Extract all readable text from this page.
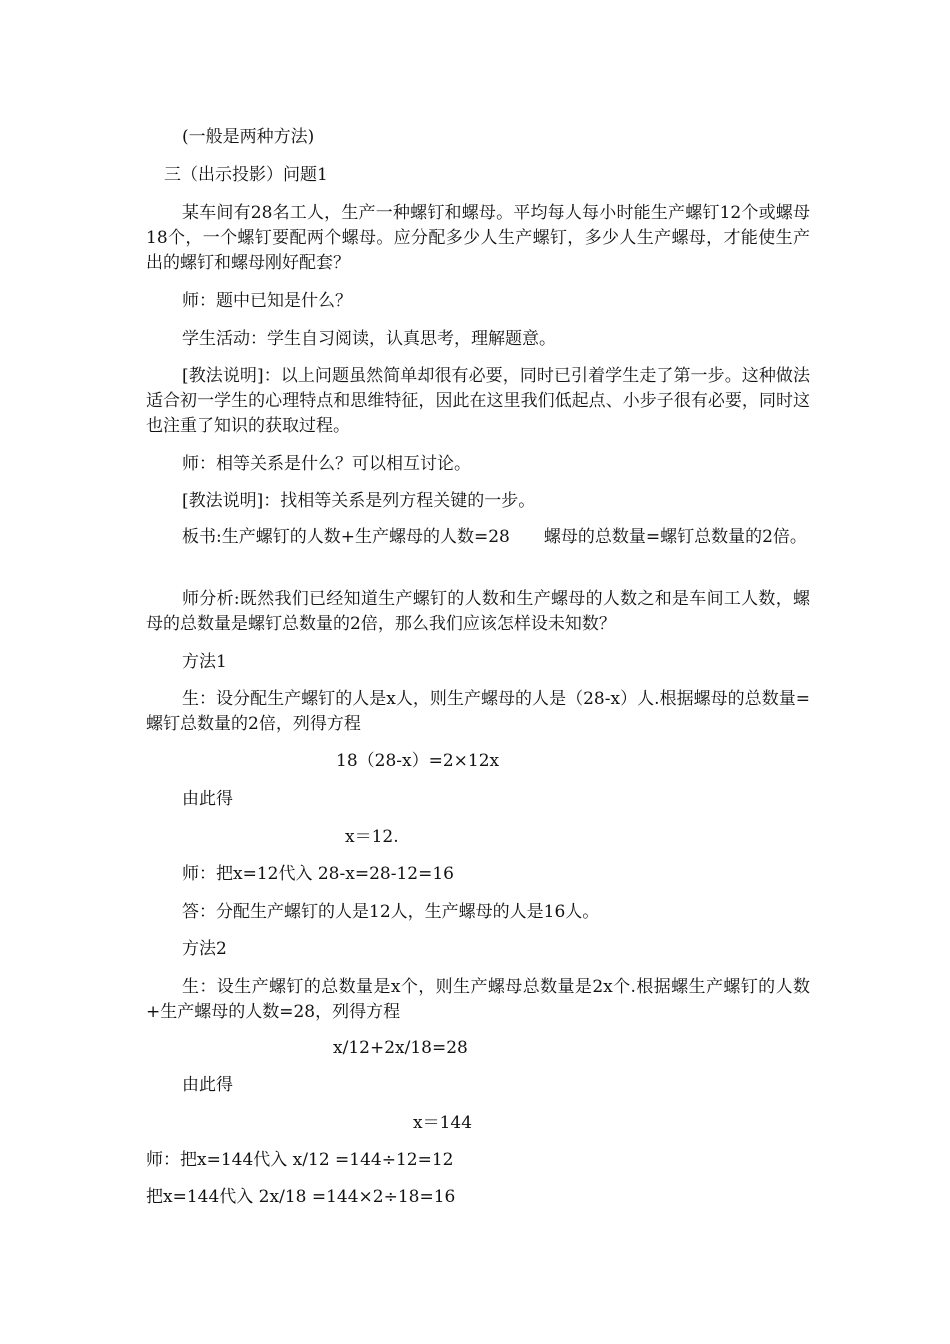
(一般是两种方法)

三（出示投影）问题1

某车间有28名工人，生产一种螺钉和螺母。平均每人每小时能生产螺钉12个或螺母18个，一个螺钉要配两个螺母。应分配多少人生产螺钉，多少人生产螺母，才能使生产出的螺钉和螺母刚好配套？

师：题中已知是什么？

学生活动：学生自习阅读，认真思考，理解题意。

[教法说明]：以上问题虽然简单却很有必要，同时已引着学生走了第一步。这种做法适合初一学生的心理特点和思维特征，因此在这里我们低起点、小步子很有必要，同时这也注重了知识的获取过程。

师：相等关系是什么？可以相互讨论。

[教法说明]：找相等关系是列方程关键的一步。

板书:生产螺钉的人数+生产螺母的人数=28　　螺母的总数量=螺钉总数量的2倍。

师分析:既然我们已经知道生产螺钉的人数和生产螺母的人数之和是车间工人数，螺母的总数量是螺钉总数量的2倍，那么我们应该怎样设未知数？

方法1

生：设分配生产螺钉的人是x人，则生产螺母的人是（28-x）人.根据螺母的总数量=螺钉总数量的2倍，列得方程

18（28-x）=2×12x

由此得

x＝12.

师：把x=12代入 28-x=28-12=16

答：分配生产螺钉的人是12人，生产螺母的人是16人。

方法2

生：设生产螺钉的总数量是x个，则生产螺母总数量是2x个.根据螺生产螺钉的人数+生产螺母的人数=28，列得方程

x/12+2x/18=28

由此得

x＝144

师：把x=144代入 x/12 =144÷12=12

把x=144代入 2x/18 =144×2÷18=16
